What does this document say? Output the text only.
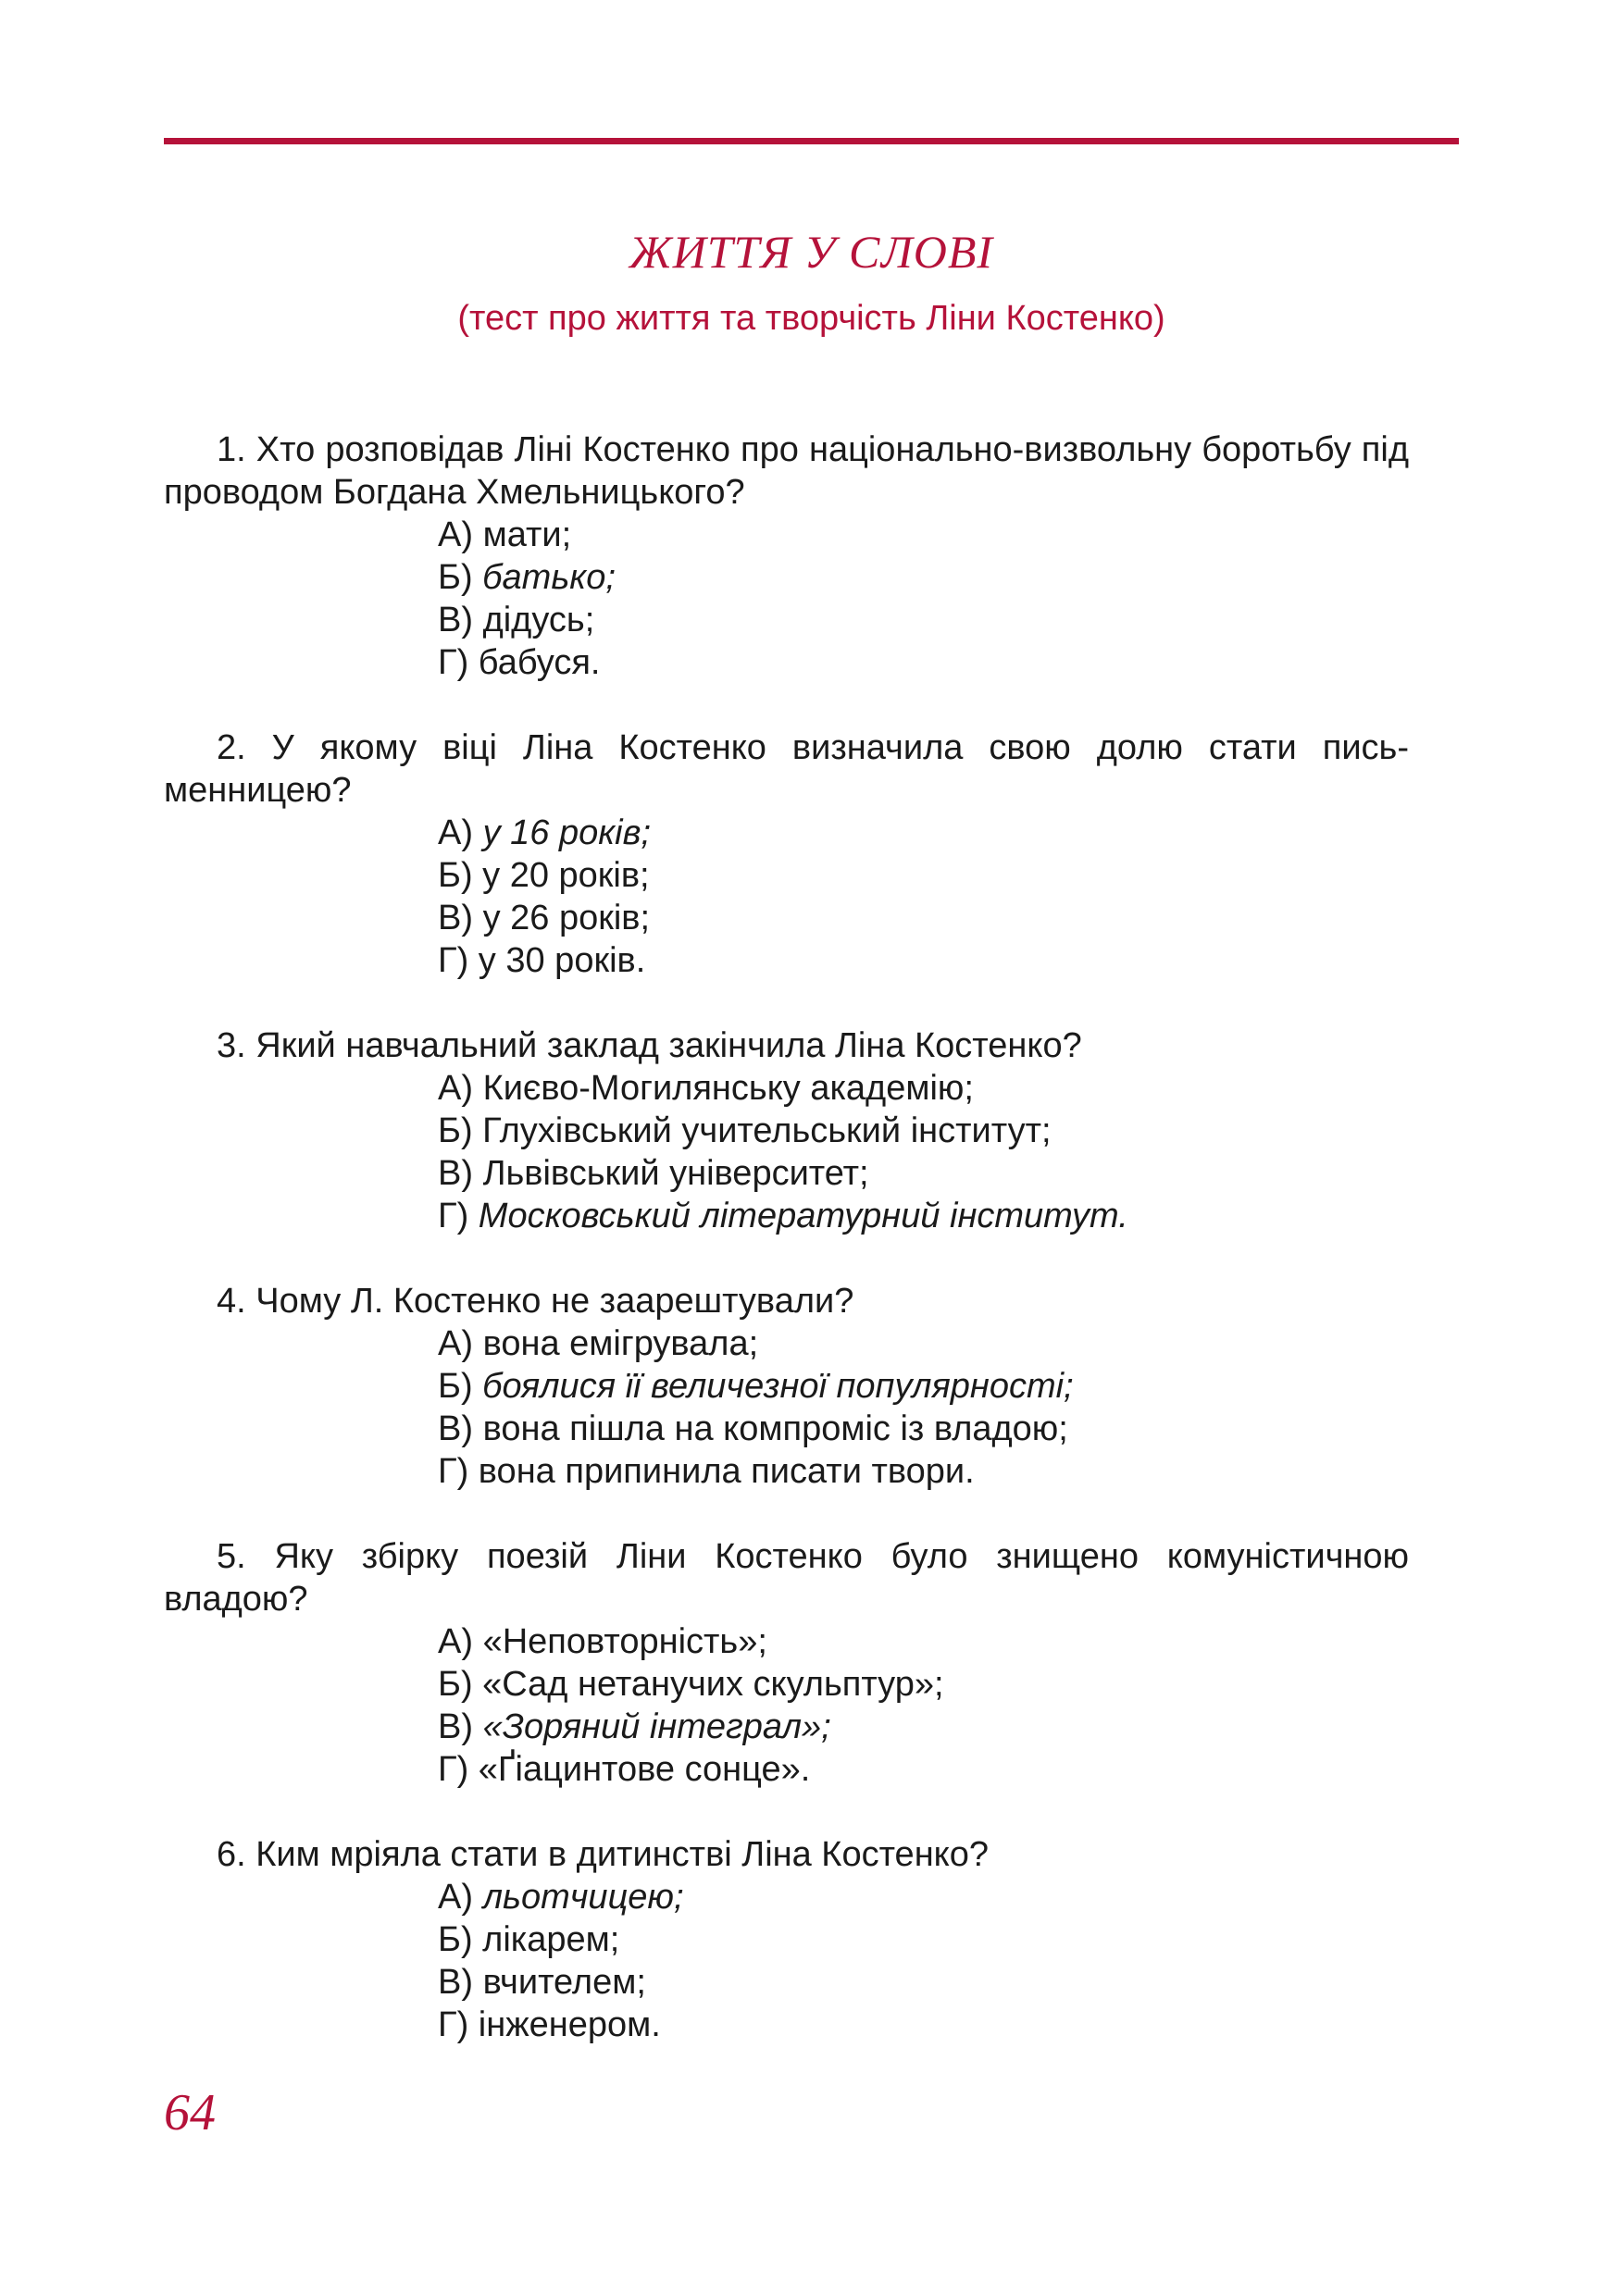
ЖИТТЯ У СЛОВІ

(тест про життя та творчість Ліни Костенко)

1. Хто розповідав Ліні Костенко про національно-визвольну боротьбу під проводом Богдана Хмельницького?

А) мати;
Б) батько;
В) дідусь;
Г) бабуся.

2. У якому віці Ліна Костенко визначила свою долю стати письменницею?

А) у 16 років;
Б) у 20 років;
В) у 26 років;
Г) у 30 років.

3. Який навчальний заклад закінчила Ліна Костенко?

А) Києво-Могилянську академію;
Б) Глухівський учительський інститут;
В) Львівський університет;
Г) Московський літературний інститут.

4. Чому Л. Костенко не заарештували?

А) вона емігрувала;
Б) боялися її величезної популярності;
В) вона пішла на компроміс із владою;
Г) вона припинила писати твори.

5. Яку збірку поезій Ліни Костенко було знищено комуністичною владою?

А) «Неповторність»;
Б) «Сад нетанучих скульптур»;
В) «Зоряний інтеграл»;
Г) «Ґіацинтове сонце».

6. Ким мріяла стати в дитинстві Ліна Костенко?

А) льотчицею;
Б) лікарем;
В) вчителем;
Г) інженером.
64
